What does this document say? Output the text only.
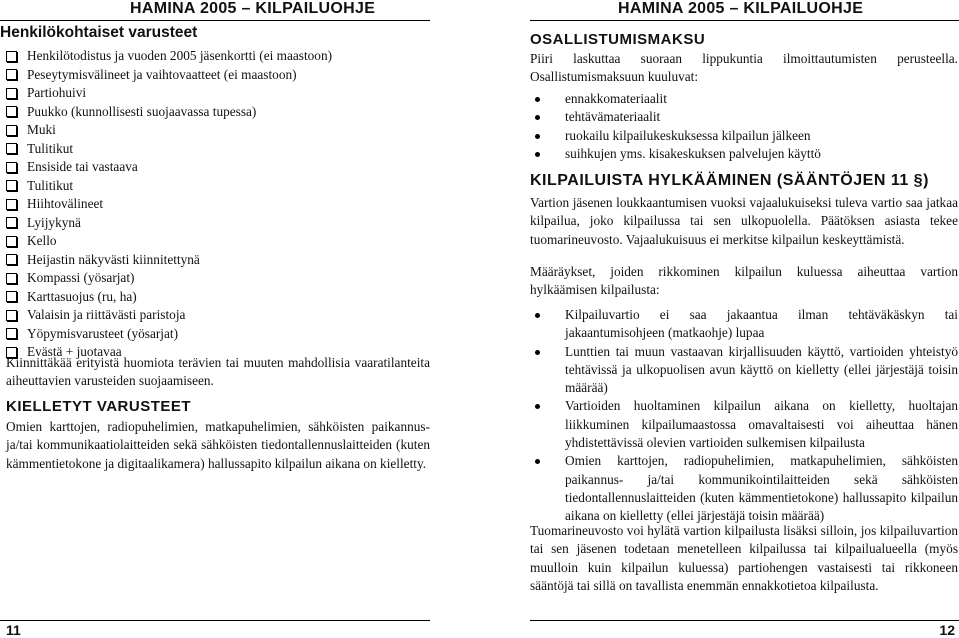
HAMINA 2005 – KILPAILUOHJE
Henkilökohtaiset varusteet
Henkilötodistus ja vuoden 2005 jäsenkortti (ei maastoon)
Peseytymisvälineet ja vaihtovaatteet (ei maastoon)
Partiohuivi
Puukko (kunnollisesti suojaavassa tupessa)
Muki
Tulitikut
Ensiside tai vastaava
Tulitikut
Hiihtovälineet
Lyijykynä
Kello
Heijastin näkyvästi kiinnitettynä
Kompassi (yösarjat)
Karttasuojus (ru, ha)
Valaisin ja riittävästi paristoja
Yöpymisvarusteet (yösarjat)
Evästä + juotavaa

Kiinnittäkää erityistä huomiota terävien tai muuten mahdollisia vaaratilanteita aiheuttavien varusteiden suojaamiseen.

KIELLETYT VARUSTEET

Omien karttojen, radiopuhelimien, matkapuhelimien, sähköisten paikannus- ja/tai kommunikaatiolaitteiden sekä sähköisten tiedontallennuslaitteiden (kuten kämmentietokone ja digitaalikamera) hallussapito kilpailun aikana on kielletty.

11
HAMINA 2005 – KILPAILUOHJE
OSALLISTUMISMAKSU

Piiri laskuttaa suoraan lippukuntia ilmoittautumisten perusteella. Osallistumismaksuun kuuluvat:

ennakkomateriaalit
tehtävämateriaalit
ruokailu kilpailukeskuksessa kilpailun jälkeen
suihkujen yms. kisakeskuksen palvelujen käyttö
KILPAILUISTA HYLKÄÄMINEN (SÄÄNTÖJEN 11 §)

Vartion jäsenen loukkaantumisen vuoksi vajaalukuiseksi tuleva vartio saa jatkaa kilpailua, joko kilpailussa tai sen ulkopuolella. Päätöksen asiasta tekee tuomarineuvosto. Vajaalukuisuus ei merkitse kilpailun keskeyttämistä.

Määräykset, joiden rikkominen kilpailun kuluessa aiheuttaa vartion hylkäämisen kilpailusta:

Kilpailuvartio ei saa jakaantua ilman tehtäväkäskyn tai jakaantumisohjeen (matkaohje) lupaa
Lunttien tai muun vastaavan kirjallisuuden käyttö, vartioiden yhteistyö tehtävissä ja ulkopuolisen avun käyttö on kielletty (ellei järjestäjä toisin määrää)
Vartioiden huoltaminen kilpailun aikana on kielletty, huoltajan liikkuminen kilpailumaastossa omavaltaisesti voi aiheuttaa hänen yhdistettävissä olevien vartioiden sulkemisen kilpailusta
Omien karttojen, radiopuhelimien, matkapuhelimien, sähköisten paikannus- ja/tai kommunikointilaitteiden sekä sähköisten tiedontallennuslaitteiden (kuten kämmentietokone) hallussapito kilpailun aikana on kielletty (ellei järjestäjä toisin määrää)

Tuomarineuvosto voi hylätä vartion kilpailusta lisäksi silloin, jos kilpailuvartion tai sen jäsenen todetaan menetelleen kilpailussa tai kilpailualueella (myös muulloin kuin kilpailun kuluessa) partiohengen vastaisesti tai rikkoneen sääntöjä tai sillä on tavallista enemmän ennakkotietoa kilpailusta.

12
